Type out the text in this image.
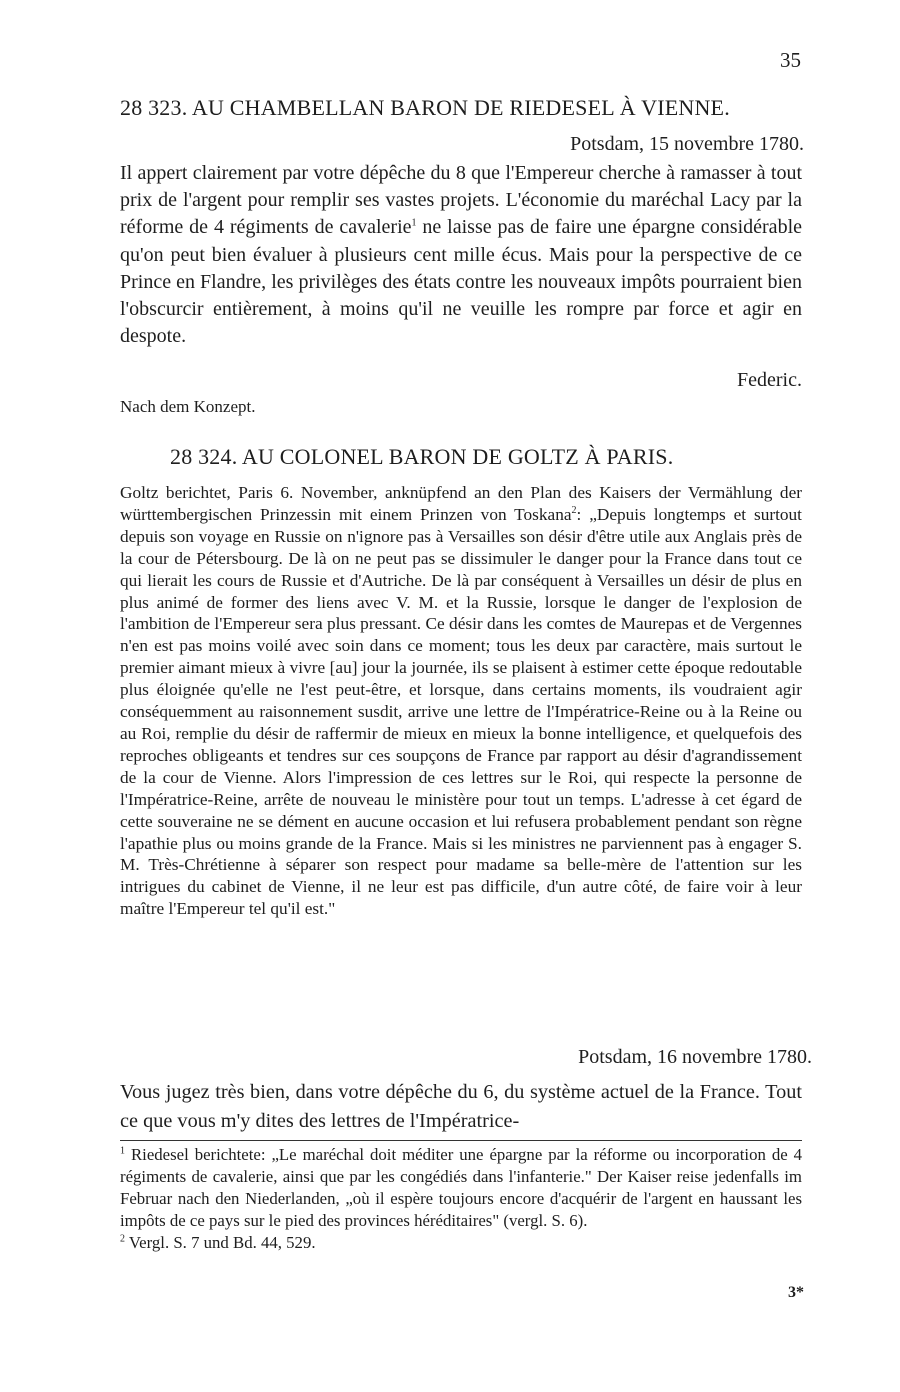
35
28 323. AU CHAMBELLAN BARON DE RIEDESEL À VIENNE.
Potsdam, 15 novembre 1780.

Il appert clairement par votre dépêche du 8 que l'Empereur cherche à ramasser à tout prix de l'argent pour remplir ses vastes projets. L'économie du maréchal Lacy par la réforme de 4 régiments de cavalerie$^1$ ne laisse pas de faire une épargne considérable qu'on peut bien évaluer à plusieurs cent mille écus. Mais pour la perspective de ce Prince en Flandre, les privilèges des états contre les nouveaux impôts pourraient bien l'obscurcir entièrement, à moins qu'il ne veuille les rompre par force et agir en despote.

Federic.
Nach dem Konzept.
28 324. AU COLONEL BARON DE GOLTZ À PARIS.

Goltz berichtet, Paris 6. November, anknüpfend an den Plan des Kaisers der Vermählung der württembergischen Prinzessin mit einem Prinzen von Toskana$^2$: „Depuis longtemps et surtout depuis son voyage en Russie on n'ignore pas à Versailles son désir d'être utile aux Anglais près de la cour de Pétersbourg. De là on ne peut pas se dissimuler le danger pour la France dans tout ce qui lierait les cours de Russie et d'Autriche. De là par conséquent à Versailles un désir de plus en plus animé de former des liens avec V. M. et la Russie, lorsque le danger de l'explosion de l'ambition de l'Empereur sera plus pressant. Ce désir dans les comtes de Maurepas et de Vergennes n'en est pas moins voilé avec soin dans ce moment; tous les deux par caractère, mais surtout le premier aimant mieux à vivre [au] jour la journée, ils se plaisent à estimer cette époque redoutable plus éloignée qu'elle ne l'est peut-être, et lorsque, dans certains moments, ils voudraient agir conséquemment au raisonnement susdit, arrive une lettre de l'Impératrice-Reine ou à la Reine ou au Roi, remplie du désir de raffermir de mieux en mieux la bonne intelligence, et quelquefois des reproches obligeants et tendres sur ces soupçons de France par rapport au désir d'agrandissement de la cour de Vienne. Alors l'impression de ces lettres sur le Roi, qui respecte la personne de l'Impératrice-Reine, arrête de nouveau le ministère pour tout un temps. L'adresse à cet égard de cette souveraine ne se dément en aucune occasion et lui refusera probablement pendant son règne l'apathie plus ou moins grande de la France. Mais si les ministres ne parviennent pas à engager S. M. Très-Chrétienne à séparer son respect pour madame sa belle-mère de l'attention sur les intrigues du cabinet de Vienne, il ne leur est pas difficile, d'un autre côté, de faire voir à leur maître l'Empereur tel qu'il est."

Potsdam, 16 novembre 1780.
Vous jugez très bien, dans votre dépêche du 6, du système actuel de la France. Tout ce que vous m'y dites des lettres de l'Impératrice-

$^1$ Riedesel berichtete: „Le maréchal doit méditer une épargne par la réforme ou incorporation de 4 régiments de cavalerie, ainsi que par les congédiés dans l'infanterie." Der Kaiser reise jedenfalls im Februar nach den Niederlanden, „où il espère toujours encore d'acquérir de l'argent en haussant les impôts de ce pays sur le pied des provinces héréditaires" (vergl. S. 6).

$^2$ Vergl. S. 7 und Bd. 44, 529.

3*
